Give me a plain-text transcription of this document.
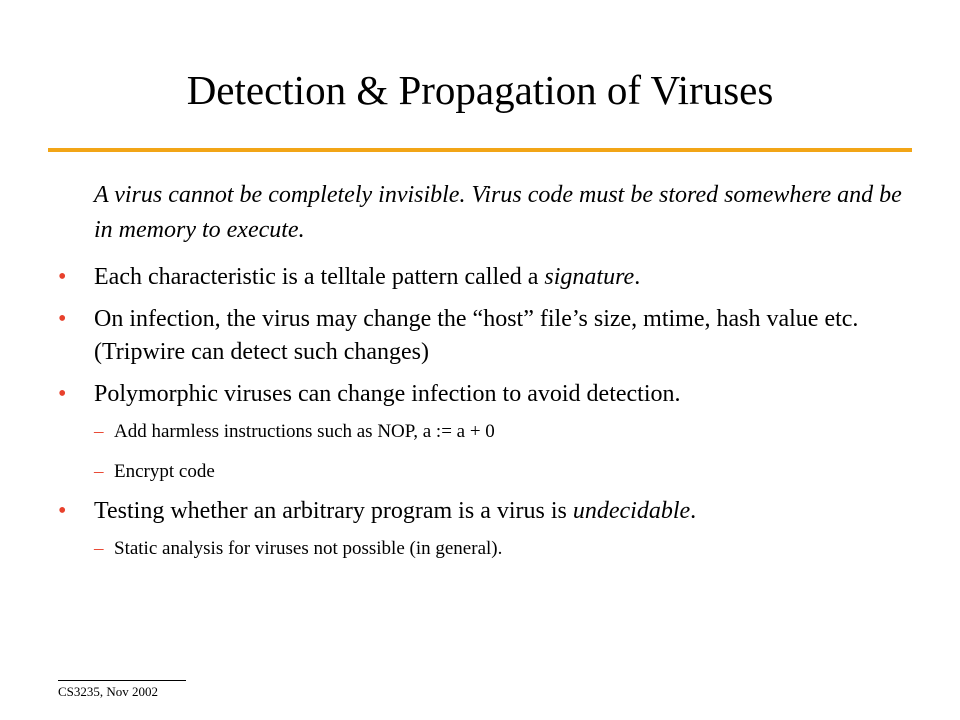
Detection & Propagation of Viruses

A virus cannot be completely invisible. Virus code must be stored somewhere and be in memory to execute.

• Each characteristic is a telltale pattern called a signature.
• On infection, the virus may change the “host” file’s size, mtime, hash value etc. (Tripwire can detect such changes)
• Polymorphic viruses can change infection to avoid detection.
– Add harmless instructions such as NOP, a := a + 0
– Encrypt code
• Testing whether an arbitrary program is a virus is undecidable.
– Static analysis for viruses not possible (in general).
CS3235, Nov 2002
